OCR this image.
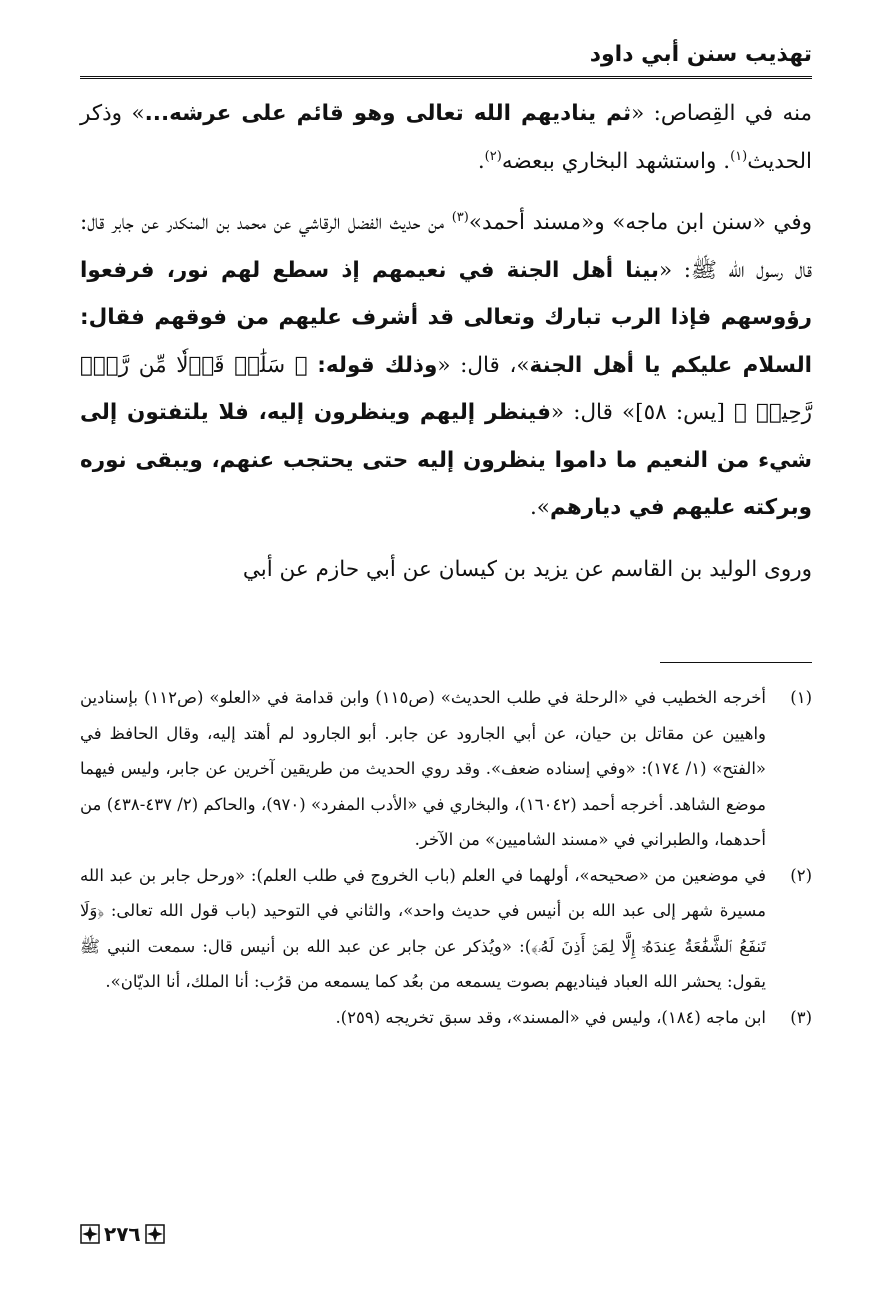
تهذيب سنن أبي داود

منه في القِصاص: «ثم يناديهم الله تعالى وهو قائم على عرشه...» وذكر الحديث$^{(١)}$. واستشهد البخاري ببعضه$^{(٢)}$.

وفي «سنن ابن ماجه» و«مسند أحمد»$^{(٣)}$ من حديث الفضل الرقاشي عن محمد بن المنكدر عن جابر قال: قال رسول الله ﷺ: «بينا أهل الجنة في نعيمهم إذ سطع لهم نور، فرفعوا رؤوسهم فإذا الرب تبارك وتعالى قد أشرف عليهم من فوقهم فقال: السلام عليكم يا أهل الجنة»، قال: «وذلك قوله: ﴿ سَلَٰمٞ قَوۡلٗا مِّن رَّبّٖ رَّحِيمٖ ﴾ [يس: ٥٨]» قال: «فينظر إليهم وينظرون إليه، فلا يلتفتون إلى شيء من النعيم ما داموا ينظرون إليه حتى يحتجب عنهم، ويبقى نوره وبركته عليهم في ديارهم».

وروى الوليد بن القاسم عن يزيد بن كيسان عن أبي حازم عن أبي

(١)
أخرجه الخطيب في «الرحلة في طلب الحديث» (ص١١٥) وابن قدامة في «العلو» (ص١١٢) بإسنادين واهيين عن مقاتل بن حيان، عن أبي الجارود عن جابر. أبو الجارود لم أهتد إليه، وقال الحافظ في «الفتح» (١/ ١٧٤): «وفي إسناده ضعف». وقد روي الحديث من طريقين آخرين عن جابر، وليس فيهما موضع الشاهد. أخرجه أحمد (١٦٠٤٢)، والبخاري في «الأدب المفرد» (٩٧٠)، والحاكم (٢/ ٤٣٧-٤٣٨) من أحدهما، والطبراني في «مسند الشاميين» من الآخر.
(٢)
في موضعين من «صحيحه»، أولهما في العلم (باب الخروج في طلب العلم): «ورحل جابر بن عبد الله مسيرة شهر إلى عبد الله بن أنيس في حديث واحد»، والثاني في التوحيد (باب قول الله تعالى: ﴿وَلَا تَنفَعُ ٱلشَّفَٰعَةُ عِندَهُۥٓ إِلَّا لِمَنۡ أَذِنَ لَهُۥ﴾): «ويُذكر عن جابر عن عبد الله بن أنيس قال: سمعت النبي ﷺ يقول: يحشر الله العباد فيناديهم بصوت يسمعه من بعُد كما يسمعه من قرُب: أنا الملك، أنا الديّان».
(٣)
ابن ماجه (١٨٤)، وليس في «المسند»، وقد سبق تخريجه (٢٥٩).
٢٧٦
